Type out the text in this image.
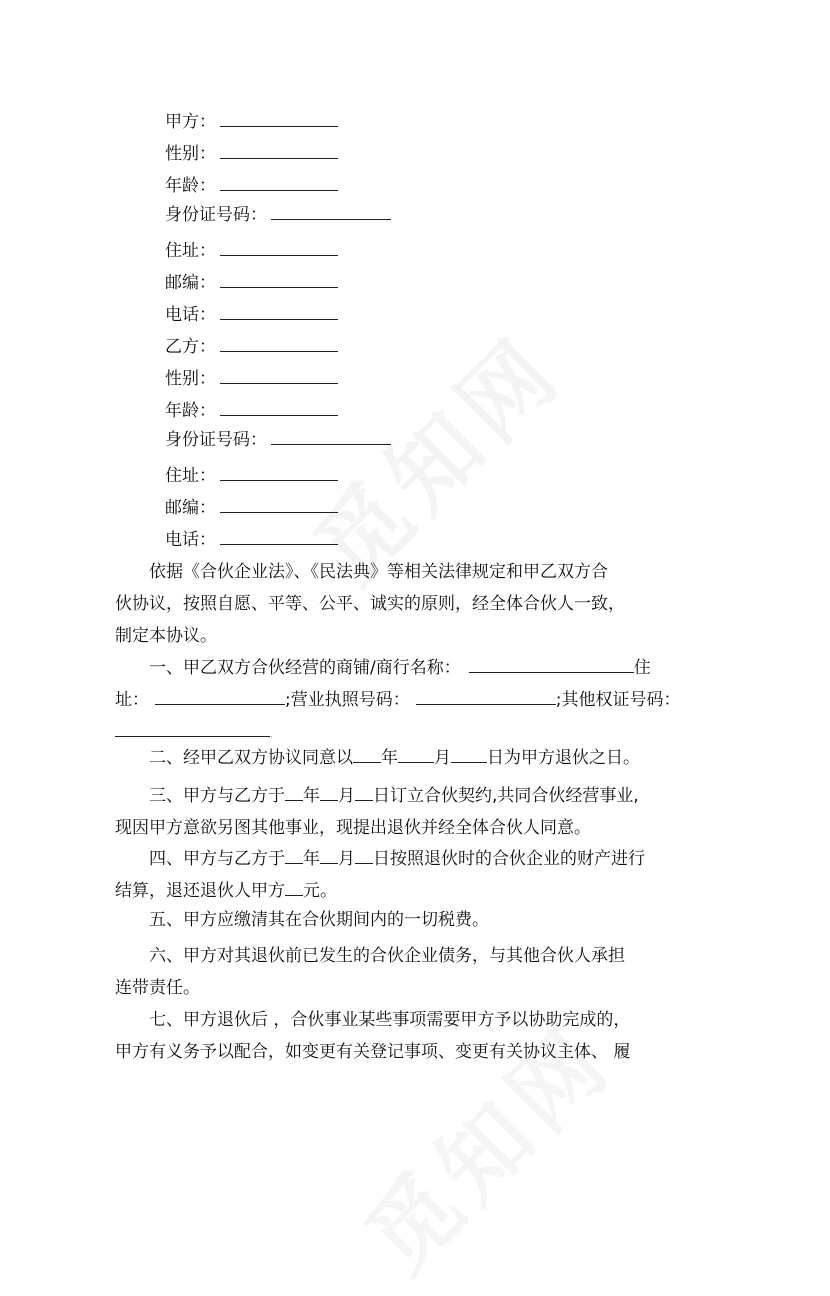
甲方：
性别：
年龄：
身份证号码：
住址：
邮编：
电话：
乙方：
性别：
年龄：
身份证号码：
住址：
邮编：
电话：
依据《合伙企业法》、《民法典》等相关法律规定和甲乙双方合
伙协议，按照自愿、平等、公平、诚实的原则，经全体合伙人一致，
制定本协议。
一、甲乙双方合伙经营的商铺/商行名称：	住
址：	;营业执照号码：	;其他权证号码：
.
二、经甲乙双方协议同意以 年 月 日为甲方退伙之日。
三、甲方与乙方于 年 月 日订立合伙契约,共同合伙经营事业,
现因甲方意欲另图其他事业，现提出退伙并经全体合伙人同意。
四、甲方与乙方于 年 月 日按照退伙时的合伙企业的财产进行
结算，退还退伙人甲方 元。
五、甲方应缴清其在合伙期间内的一切税费。
六、甲方对其退伙前已发生的合伙企业债务，与其他合伙人承担
连带责任。
七、甲方退伙后 ，合伙事业某些事项需要甲方予以协助完成的，
甲方有义务予以配合，如变更有关登记事项、变更有关协议主体、 履
